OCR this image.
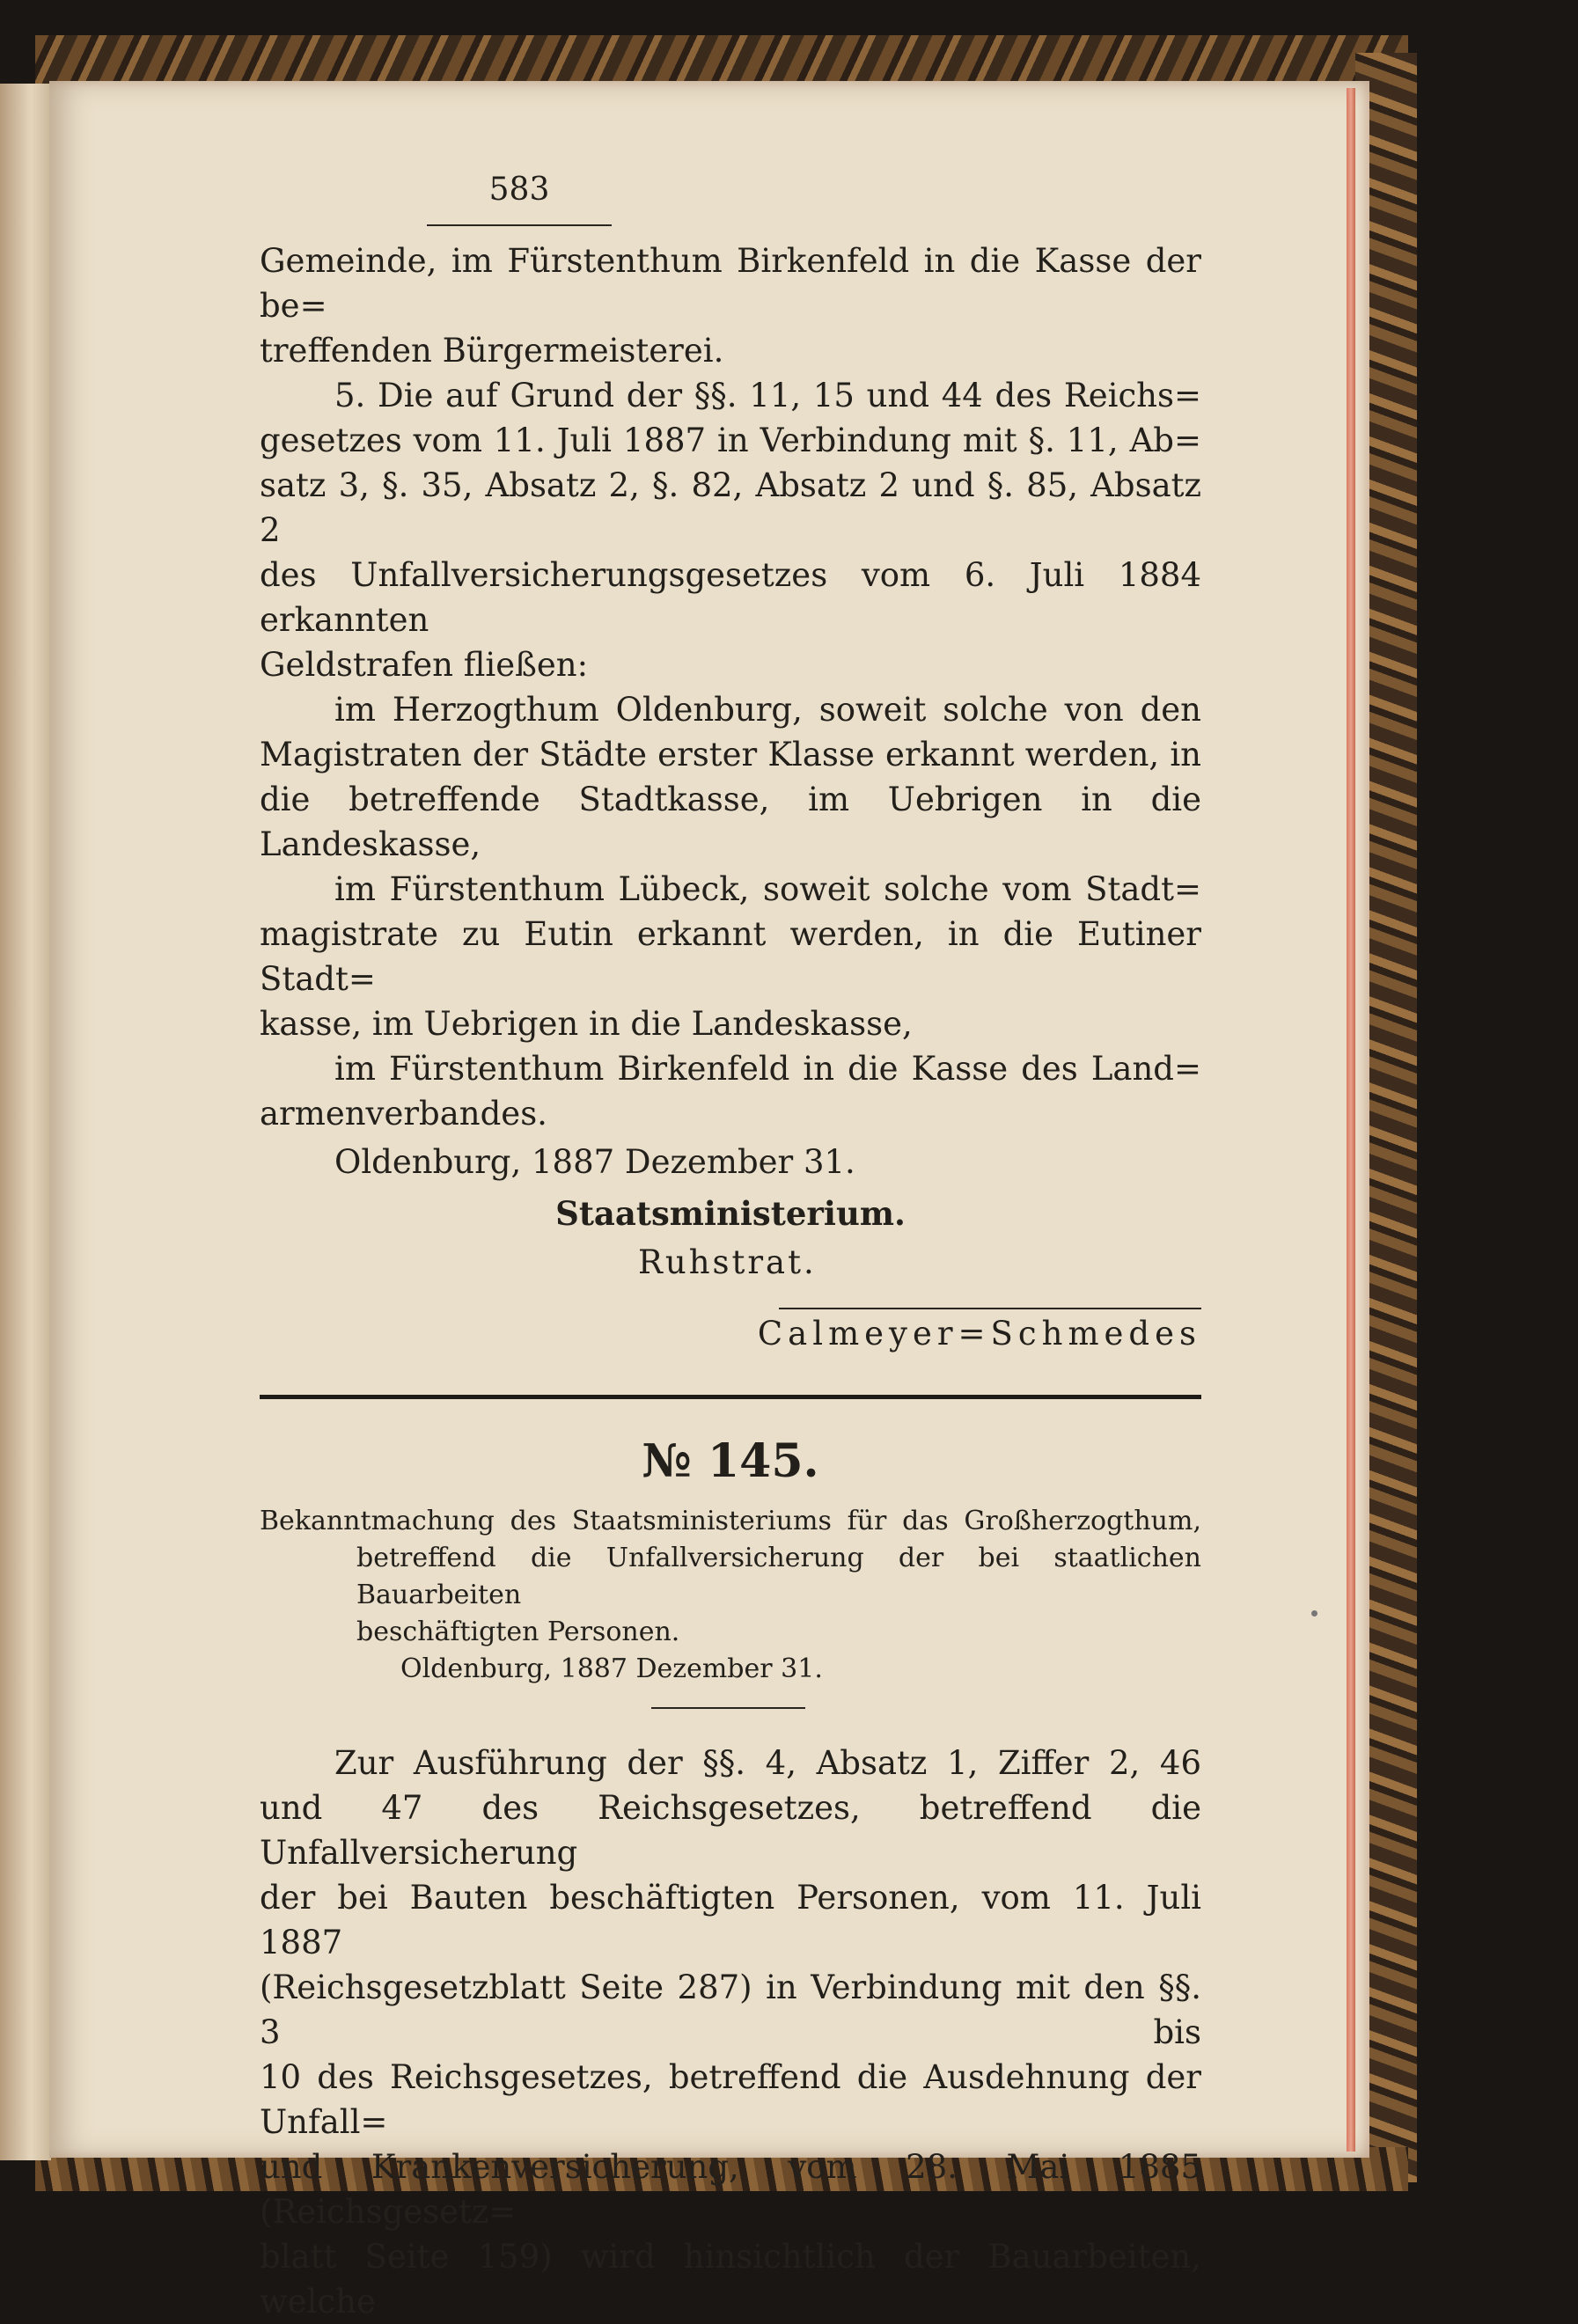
583

Gemeinde, im Fürstenthum Birkenfeld in die Kasse der be=

treffenden Bürgermeisterei.

5. Die auf Grund der §§. 11, 15 und 44 des Reichs=

gesetzes vom 11. Juli 1887 in Verbindung mit §. 11, Ab=

satz 3, §. 35, Absatz 2, §. 82, Absatz 2 und §. 85, Absatz 2

des Unfallversicherungsgesetzes vom 6. Juli 1884 erkannten

Geldstrafen fließen:

im Herzogthum Oldenburg, soweit solche von den

Magistraten der Städte erster Klasse erkannt werden, in

die betreffende Stadtkasse, im Uebrigen in die Landeskasse,

im Fürstenthum Lübeck, soweit solche vom Stadt=

magistrate zu Eutin erkannt werden, in die Eutiner Stadt=

kasse, im Uebrigen in die Landeskasse,

im Fürstenthum Birkenfeld in die Kasse des Land=

armenverbandes.

Oldenburg, 1887 Dezember 31.

Staatsministerium.
Ruhstrat.
Calmeyer=Schmedes
№ 145.

Bekanntmachung des Staatsministeriums für das Großherzogthum,

betreffend die Unfallversicherung der bei staatlichen Bauarbeiten

beschäftigten Personen.

Oldenburg, 1887 Dezember 31.

Zur Ausführung der §§. 4, Absatz 1, Ziffer 2, 46

und 47 des Reichsgesetzes, betreffend die Unfallversicherung

der bei Bauten beschäftigten Personen, vom 11. Juli 1887

(Reichsgesetzblatt Seite 287) in Verbindung mit den §§. 3 bis

10 des Reichsgesetzes, betreffend die Ausdehnung der Unfall=

und Krankenversicherung, vom 28. Mai 1885 (Reichsgesetz=

blatt Seite 159) wird hinsichtlich der Bauarbeiten, welche
